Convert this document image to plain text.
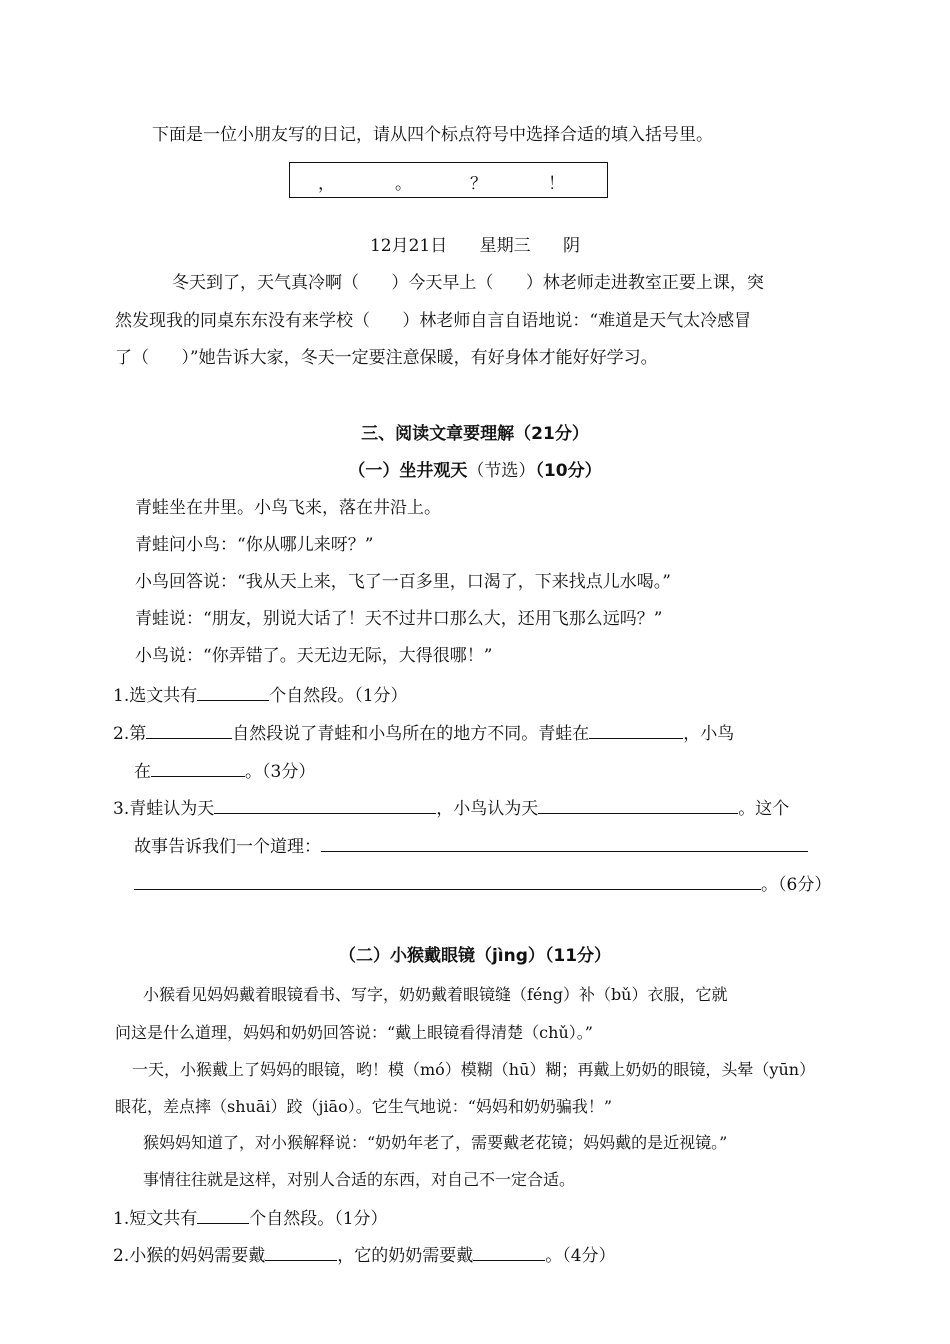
下面是一位小朋友写的日记，请从四个标点符号中选择合适的填入括号里。
，	。	？	！
12月21日      星期三      阴
冬天到了，天气真冷啊（      ）今天早上（      ）林老师走进教室正要上课，突
然发现我的同桌东东没有来学校（      ）林老师自言自语地说：“难道是天气太冷感冒
了（      ）”她告诉大家，冬天一定要注意保暖，有好身体才能好好学习。
三、阅读文章要理解（21分）
（一）坐井观天（节选）（10分）
青蛙坐在井里。小鸟飞来，落在井沿上。
青蛙问小鸟：“你从哪儿来呀？”
小鸟回答说：“我从天上来，飞了一百多里，口渴了，下来找点儿水喝。”
青蛙说：“朋友，别说大话了！天不过井口那么大，还用飞那么远吗？”
小鸟说：“你弄错了。天无边无际，大得很哪！”
1.选文共有	个自然段。（1分）
2.第	自然段说了青蛙和小鸟所在的地方不同。青蛙在	，小鸟
在	。（3分）
3.青蛙认为天	，小鸟认为天	。这个
故事告诉我们一个道理：
。（6分）
（二）小猴戴眼镜（jìng）（11分）
小猴看见妈妈戴着眼镜看书、写字，奶奶戴着眼镜缝（féng）补（bǔ）衣服，它就
问这是什么道理，妈妈和奶奶回答说：“戴上眼镜看得清楚（chǔ）。”
一天，小猴戴上了妈妈的眼镜，哟！模（mó）模糊（hū）糊；再戴上奶奶的眼镜，头晕（yūn）
眼花，差点摔（shuāi）跤（jiāo）。它生气地说：“妈妈和奶奶骗我！”
猴妈妈知道了，对小猴解释说：“奶奶年老了，需要戴老花镜；妈妈戴的是近视镜。”
事情往往就是这样，对别人合适的东西，对自己不一定合适。
1.短文共有	个自然段。（1分）
2.小猴的妈妈需要戴	，它的奶奶需要戴	。（4分）
